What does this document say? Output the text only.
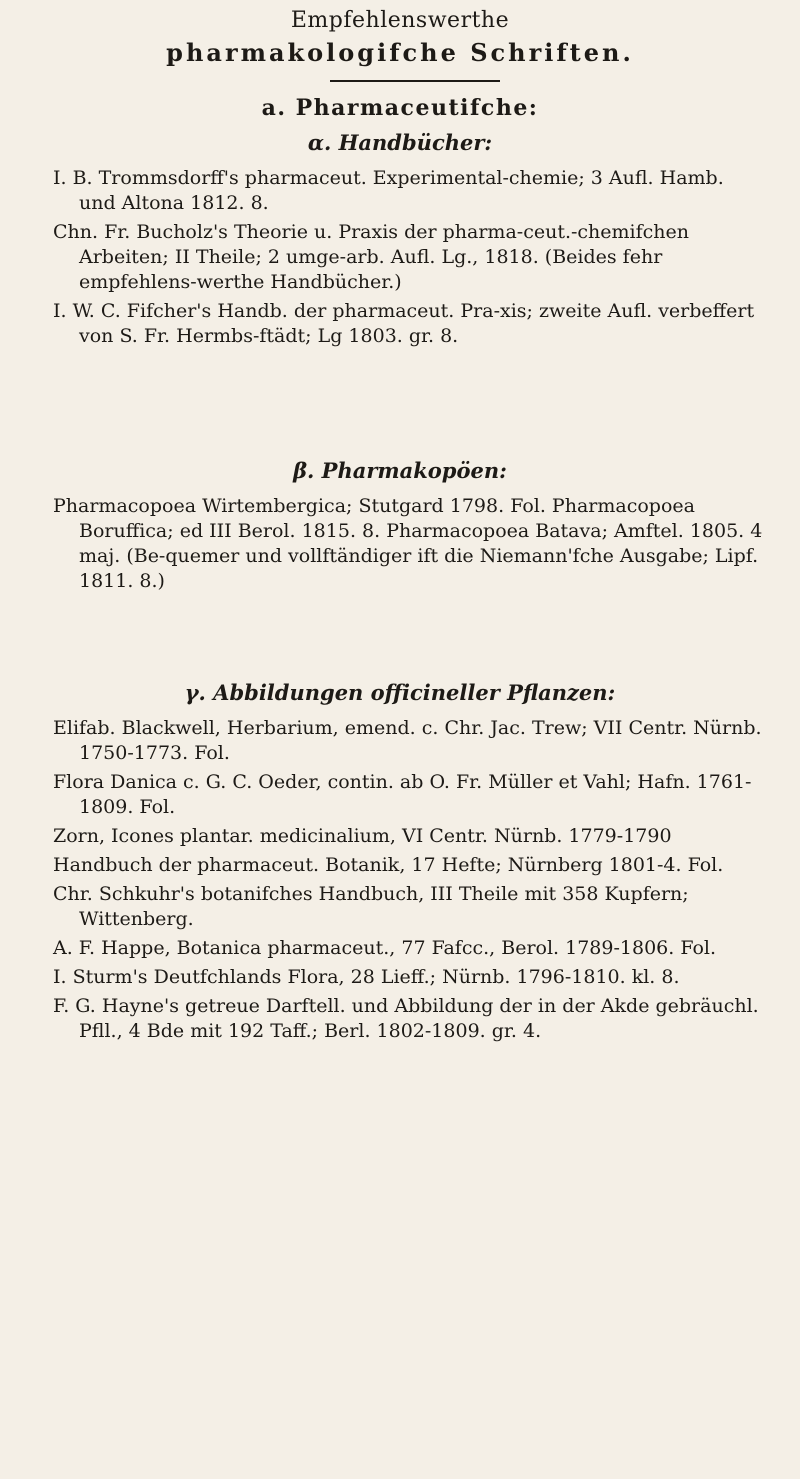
Empfehlenswerthe
pharmakologifche Schriften.
a. Pharmaceutifche:
α. Handbücher:

I. B. Trommsdorff's pharmaceut. Experimental-chemie; 3 Aufl. Hamb. und Altona 1812. 8.

Chn. Fr. Bucholz's Theorie u. Praxis der pharma-ceut.-chemifchen Arbeiten; II Theile; 2 umge-arb. Aufl. Lg., 1818. (Beides fehr empfehlens-werthe Handbücher.)

I. W. C. Fifcher's Handb. der pharmaceut. Pra-xis; zweite Aufl. verbeffert von S. Fr. Hermbs-ftädt; Lg 1803. gr. 8.

β. Pharmakopöen:

Pharmacopoea Wirtembergica; Stutgard 1798. Fol. Pharmacopoea Boruffica; ed III Berol. 1815. 8. Pharmacopoea Batava; Amftel. 1805. 4 maj. (Be-quemer und vollftändiger ift die Niemann'fche Ausgabe; Lipf. 1811. 8.)

γ. Abbildungen officineller Pflanzen:

Elifab. Blackwell, Herbarium, emend. c. Chr. Jac. Trew; VII Centr. Nürnb. 1750-1773. Fol.

Flora Danica c. G. C. Oeder, contin. ab O. Fr. Müller et Vahl; Hafn. 1761-1809. Fol.

Zorn, Icones plantar. medicinalium, VI Centr. Nürnb. 1779-1790

Handbuch der pharmaceut. Botanik, 17 Hefte; Nürnberg 1801-4. Fol.

Chr. Schkuhr's botanifches Handbuch, III Theile mit 358 Kupfern; Wittenberg.

A. F. Happe, Botanica pharmaceut., 77 Fafcc., Berol. 1789-1806. Fol.

I. Sturm's Deutfchlands Flora, 28 Lieff.; Nürnb. 1796-1810. kl. 8.

F. G. Hayne's getreue Darftell. und Abbildung der in der Akde gebräuchl. Pfll., 4 Bde mit 192 Taff.; Berl. 1802-1809. gr. 4.
